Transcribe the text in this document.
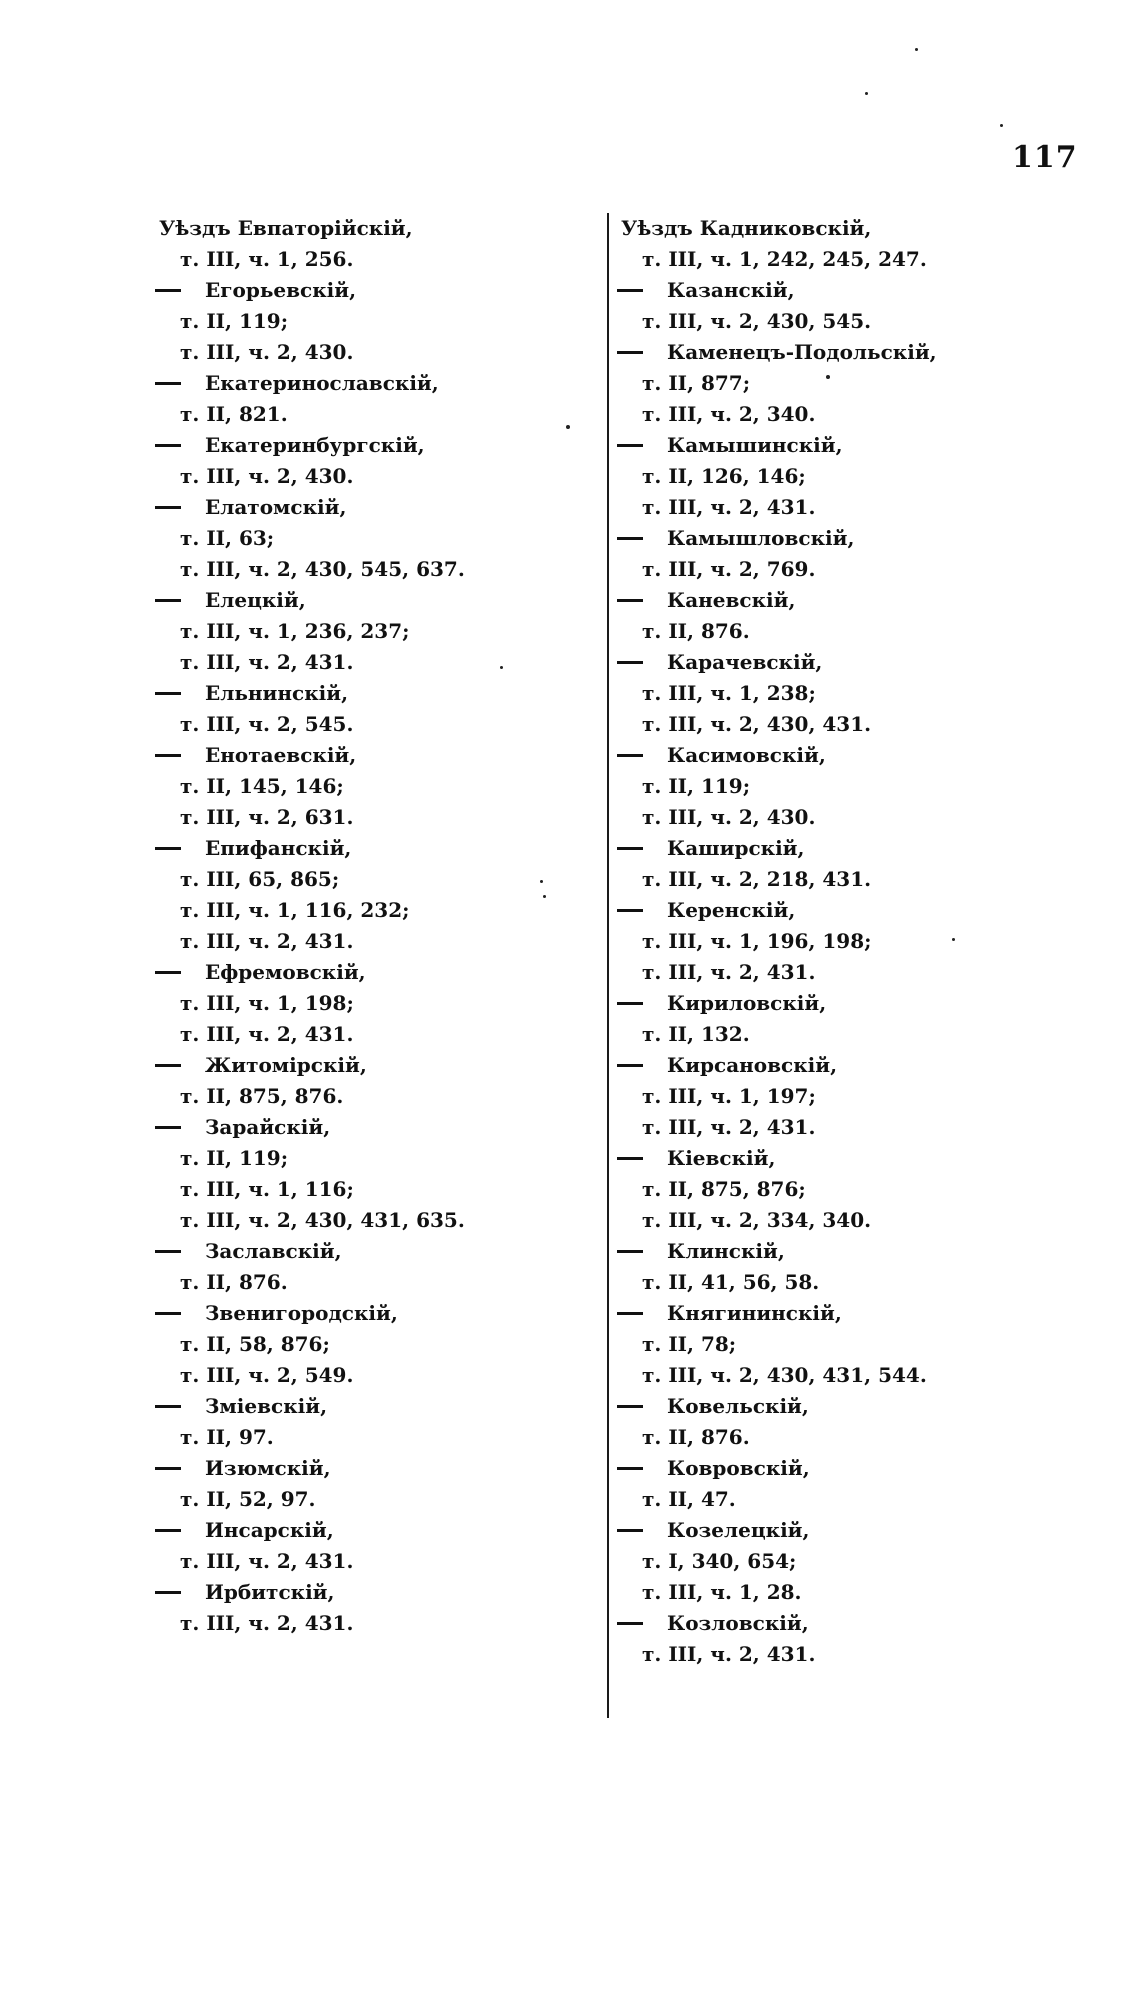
117
Уѣздъ Евпаторійскій,
т. III, ч. 1, 256.
Егорьевскій,
т. II, 119;
т. III, ч. 2, 430.
Екатеринославскій,
т. II, 821.
Екатеринбургскій,
т. III, ч. 2, 430.
Елатомскій,
т. II, 63;
т. III, ч. 2, 430, 545, 637.
Елецкій,
т. III, ч. 1, 236, 237;
т. III, ч. 2, 431.
Ельнинскій,
т. III, ч. 2, 545.
Енотаевскій,
т. II, 145, 146;
т. III, ч. 2, 631.
Епифанскій,
т. III, 65, 865;
т. III, ч. 1, 116, 232;
т. III, ч. 2, 431.
Ефремовскій,
т. III, ч. 1, 198;
т. III, ч. 2, 431.
Житомірскій,
т. II, 875, 876.
Зарайскій,
т. II, 119;
т. III, ч. 1, 116;
т. III, ч. 2, 430, 431, 635.
Заславскій,
т. II, 876.
Звенигородскій,
т. II, 58, 876;
т. III, ч. 2, 549.
Зміевскій,
т. II, 97.
Изюмскій,
т. II, 52, 97.
Инсарскій,
т. III, ч. 2, 431.
Ирбитскій,
т. III, ч. 2, 431.
Уѣздъ Кадниковскій,
т. III, ч. 1, 242, 245, 247.
Казанскій,
т. III, ч. 2, 430, 545.
Каменецъ-Подольскій,
т. II, 877;
т. III, ч. 2, 340.
Камышинскій,
т. II, 126, 146;
т. III, ч. 2, 431.
Камышловскій,
т. III, ч. 2, 769.
Каневскій,
т. II, 876.
Карачевскій,
т. III, ч. 1, 238;
т. III, ч. 2, 430, 431.
Касимовскій,
т. II, 119;
т. III, ч. 2, 430.
Каширскій,
т. III, ч. 2, 218, 431.
Керенскій,
т. III, ч. 1, 196, 198;
т. III, ч. 2, 431.
Кириловскій,
т. II, 132.
Кирсановскій,
т. III, ч. 1, 197;
т. III, ч. 2, 431.
Кіевскій,
т. II, 875, 876;
т. III, ч. 2, 334, 340.
Клинскій,
т. II, 41, 56, 58.
Княгининскій,
т. II, 78;
т. III, ч. 2, 430, 431, 544.
Ковельскій,
т. II, 876.
Ковровскій,
т. II, 47.
Козелецкій,
т. I, 340, 654;
т. III, ч. 1, 28.
Козловскій,
т. III, ч. 2, 431.
